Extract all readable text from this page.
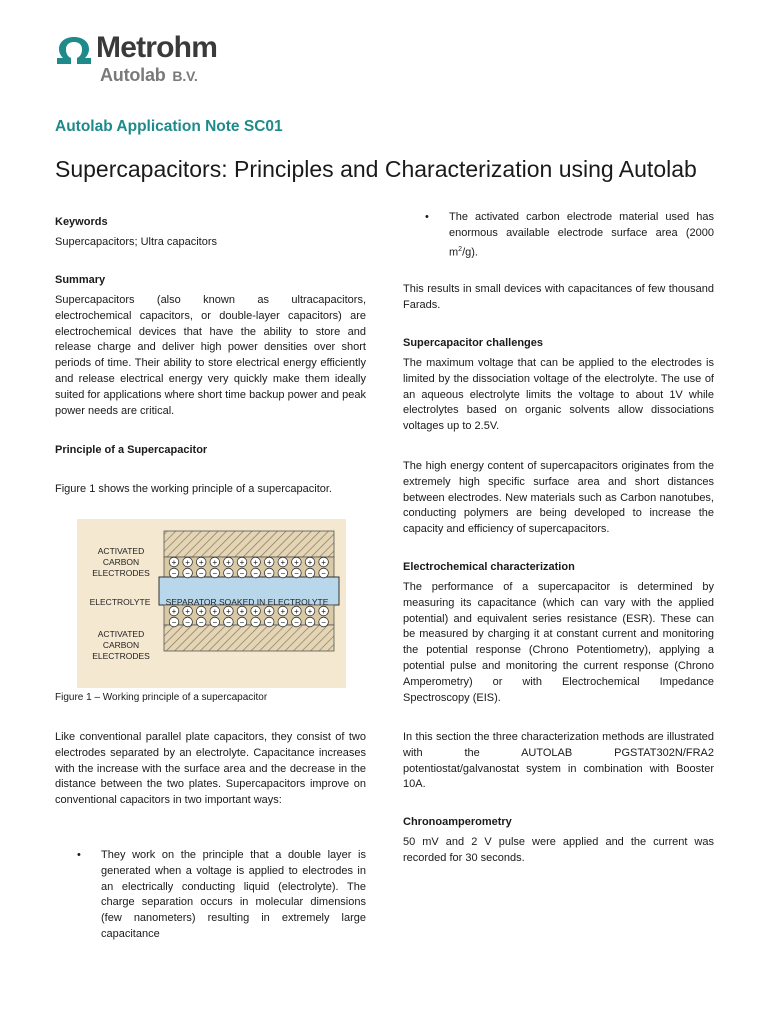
Metrohm
Autolab B.V.
Autolab Application Note SC01
Supercapacitors: Principles and Characterization using Autolab
Keywords
Supercapacitors; Ultra capacitors
Summary
Supercapacitors (also known as ultracapacitors, electrochemical capacitors, or double-layer capacitors) are electrochemical devices that have the ability to store and release charge and deliver high power densities over short periods of time. Their ability to store electrical energy efficiently and release electrical energy very quickly make them ideally suited for applications where short time backup power and peak power needs are critical.
Principle of a Supercapacitor
Figure 1 shows the working principle of a supercapacitor.
Like conventional parallel plate capacitors, they consist of two electrodes separated by an electrolyte. Capacitance increases with the increase with the surface area and the decrease in the distance between the two plates. Supercapacitors improve on conventional capacitors in two important ways:
• They work on the principle that a double layer is generated when a voltage is applied to electrodes in an electrically conducting liquid (electrolyte). The charge separation occurs in molecular dimensions (few nanometers) resulting in extremely large capacitance
+ + + + + + + + + + + +
− − − − − − − − − − − −
+ + + + + + + + + + + +
− − − − − − − − − − − −
ACTIVATED
CARBON
ELECTRODES
ELECTROLYTE
ACTIVATED
CARBON
ELECTRODES
SEPARATOR SOAKED IN ELECTROLYTE
Figure 1 – Working principle of a supercapacitor
• The activated carbon electrode material used has enormous available electrode surface area (2000 $m^2/g$).
This results in small devices with capacitances of few thousand Farads.
Supercapacitor challenges
The maximum voltage that can be applied to the electrodes is limited by the dissociation voltage of the electrolyte. The use of an aqueous electrolyte limits the voltage to about 1V while electrolytes based on organic solvents allow dissociations voltages up to 2.5V.
The high energy content of supercapacitors originates from the extremely high specific surface area and short distances between electrodes. New materials such as Carbon nanotubes, conducting polymers are being developed to increase the capacity and efficiency of supercapacitors.
Electrochemical characterization
The performance of a supercapacitor is determined by measuring its capacitance (which can vary with the applied potential) and equivalent series resistance (ESR). These can be measured by charging it at constant current and monitoring the potential response (Chrono Potentiometry), applying a potential pulse and monitoring the current response (Chrono Amperometry) or with Electrochemical Impedance Spectroscopy (EIS).
In this section the three characterization methods are illustrated with the AUTOLAB PGSTAT302N/FRA2 potentiostat/galvanostat system in combination with Booster 10A.
Chronoamperometry
50 mV and 2 V pulse were applied and the current was recorded for 30 seconds.
